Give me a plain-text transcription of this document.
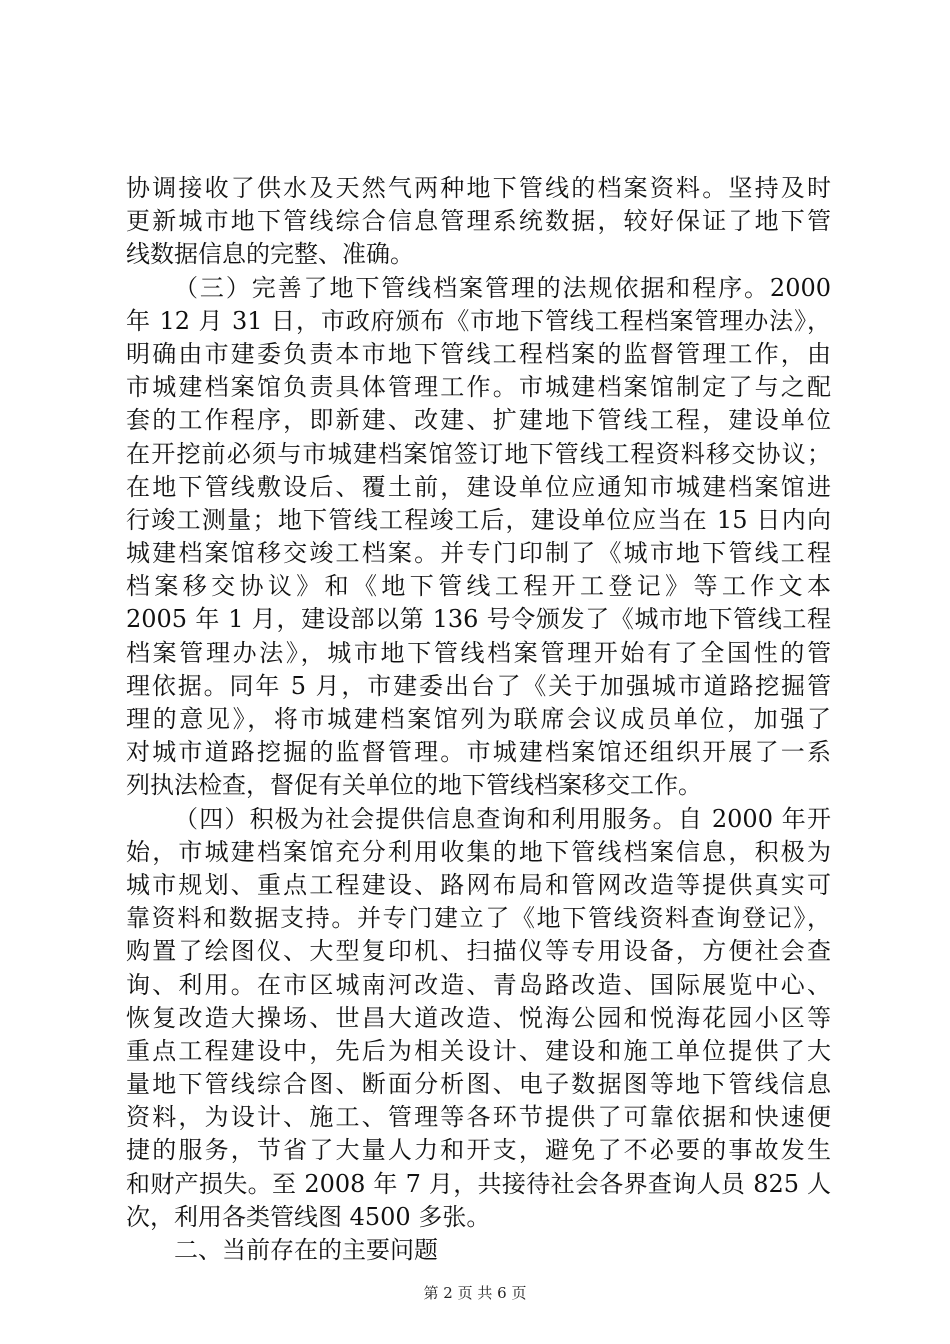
协调接收了供水及天然气两种地下管线的档案资料。坚持及时
更新城市地下管线综合信息管理系统数据，较好保证了地下管
线数据信息的完整、准确。
（三）完善了地下管线档案管理的法规依据和程序。2000
年 12 月 31 日，市政府颁布《市地下管线工程档案管理办法》，
明确由市建委负责本市地下管线工程档案的监督管理工作，由
市城建档案馆负责具体管理工作。市城建档案馆制定了与之配
套的工作程序，即新建、改建、扩建地下管线工程，建设单位
在开挖前必须与市城建档案馆签订地下管线工程资料移交协议；
在地下管线敷设后、覆土前，建设单位应通知市城建档案馆进
行竣工测量；地下管线工程竣工后，建设单位应当在 15 日内向
城建档案馆移交竣工档案。并专门印制了《城市地下管线工程
档案移交协议》和《地下管线工程开工登记》等工作文本
2005 年 1 月，建设部以第 136 号令颁发了《城市地下管线工程
档案管理办法》，城市地下管线档案管理开始有了全国性的管
理依据。同年 5 月，市建委出台了《关于加强城市道路挖掘管
理的意见》，将市城建档案馆列为联席会议成员单位，加强了
对城市道路挖掘的监督管理。市城建档案馆还组织开展了一系
列执法检查，督促有关单位的地下管线档案移交工作。
（四）积极为社会提供信息查询和利用服务。自 2000 年开
始，市城建档案馆充分利用收集的地下管线档案信息，积极为
城市规划、重点工程建设、路网布局和管网改造等提供真实可
靠资料和数据支持。并专门建立了《地下管线资料查询登记》，
购置了绘图仪、大型复印机、扫描仪等专用设备，方便社会查
询、利用。在市区城南河改造、青岛路改造、国际展览中心、
恢复改造大操场、世昌大道改造、悦海公园和悦海花园小区等
重点工程建设中，先后为相关设计、建设和施工单位提供了大
量地下管线综合图、断面分析图、电子数据图等地下管线信息
资料，为设计、施工、管理等各环节提供了可靠依据和快速便
捷的服务，节省了大量人力和开支，避免了不必要的事故发生
和财产损失。至 2008 年 7 月，共接待社会各界查询人员 825 人
次，利用各类管线图 4500 多张。
二、当前存在的主要问题
第 2 页 共 6 页
